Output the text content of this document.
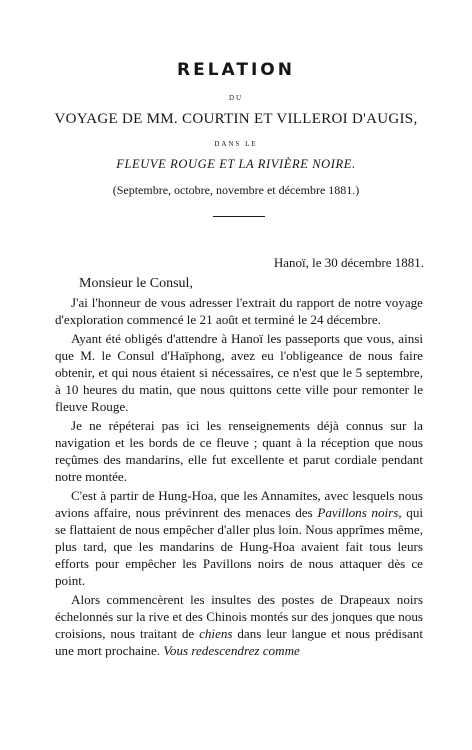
RELATION
DU
VOYAGE DE MM. COURTIN ET VILLEROI D'AUGIS,
DANS LE
FLEUVE ROUGE ET LA RIVIÈRE NOIRE.
(Septembre, octobre, novembre et décembre 1881.)
Hanoï, le 30 décembre 1881.
Monsieur le Consul,

J'ai l'honneur de vous adresser l'extrait du rapport de notre voyage d'exploration commencé le 21 août et terminé le 24 décembre.

Ayant été obligés d'attendre à Hanoï les passeports que vous, ainsi que M. le Consul d'Haïphong, avez eu l'obligeance de nous faire obtenir, et qui nous étaient si nécessaires, ce n'est que le 5 septembre, à 10 heures du matin, que nous quittons cette ville pour remonter le fleuve Rouge.

Je ne répéterai pas ici les renseignements déjà connus sur la navigation et les bords de ce fleuve ; quant à la réception que nous reçûmes des mandarins, elle fut excellente et parut cordiale pendant notre montée.

C'est à partir de Hung-Hoa, que les Annamites, avec lesquels nous avions affaire, nous prévinrent des menaces des Pavillons noirs, qui se flattaient de nous empêcher d'aller plus loin. Nous apprîmes même, plus tard, que les mandarins de Hung-Hoa avaient fait tous leurs efforts pour empêcher les Pavillons noirs de nous attaquer dès ce point.

Alors commencèrent les insultes des postes de Drapeaux noirs échelonnés sur la rive et des Chinois montés sur des jonques que nous croisions, nous traitant de chiens dans leur langue et nous prédisant une mort prochaine. Vous redescendrez comme
